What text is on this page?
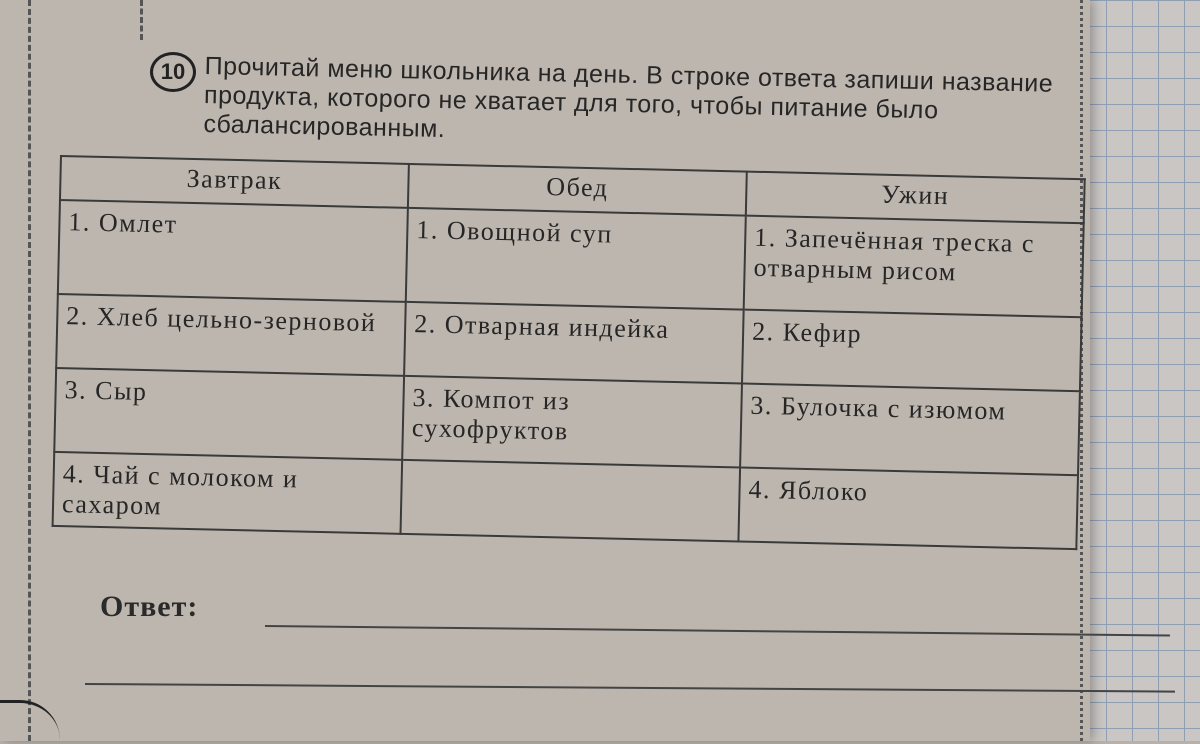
10 Прочитай меню школьника на день. В строке ответа запиши название продукта, которого не хватает для того, чтобы питание было сбалансированным.
Завтрак	Обед	Ужин
1. Омлет	1. Овощной суп	1. Запечённая треска с отварным рисом
2. Хлеб цельно-зерновой	2. Отварная индейка	2. Кефир
3. Сыр	3. Компот из сухофруктов	3. Булочка с изюмом
4. Чай с молоком и сахаром		4. Яблоко
Ответ:
